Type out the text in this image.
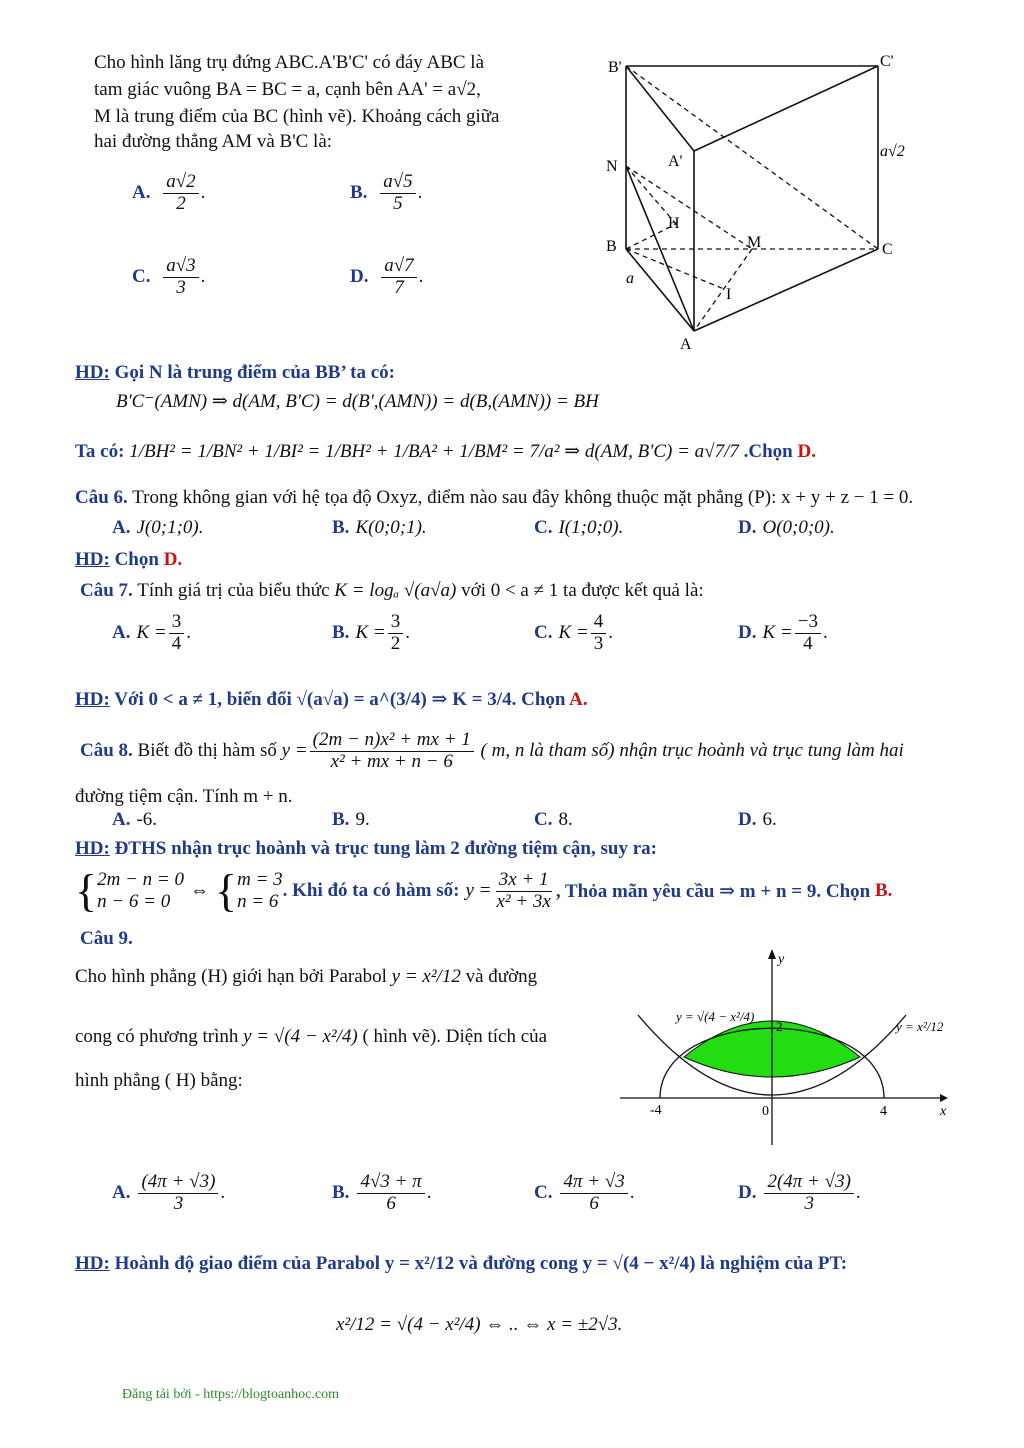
Cho hình lăng trụ đứng ABC.A'B'C' có đáy ABC là
tam giác vuông BA = BC = a, cạnh bên AA' = a√2,
M là trung điểm của BC (hình vẽ). Khoảng cách giữa
hai đường thẳng AM và B'C là:
A. $\frac{a√2}{2}$ .	B. $\frac{a√5}{5}$ .
C. $\frac{a√3}{3}$ .	D. $\frac{a√7}{7}$ .
B'	C'
A'
N
H
B	M	C
I
A
a
a√2
HD: Gọi N là trung điểm của BB’ ta có:
B'C⁻(AMN) ⇒ d(AM, B'C) = d(B',(AMN)) = d(B,(AMN)) = BH
Ta có: 1/BH² = 1/BN² + 1/BI² = 1/BH² + 1/BA² + 1/BM² = 7/a² ⇒ d(AM, B'C) = a√7/7 .Chọn D.
Câu 6. Trong không gian với hệ tọa độ Oxyz, điểm nào sau đây không thuộc mặt phẳng (P): x + y + z − 1 = 0.
A. J(0;1;0).	B. K(0;0;1).	C. I(1;0;0).	D. O(0;0;0).
HD: Chọn D.
Câu 7. Tính giá trị của biểu thức K = logₐ √(a√a) với 0 < a ≠ 1 ta được kết quả là:
A. $K = \frac{3}{4}$ .	B. $K = \frac{3}{2}$ .	C. $K = \frac{4}{3}$ .	D. $K = \frac{-3}{4}$ .
HD: Với 0 < a ≠ 1, biến đổi √(a√a) = a^(3/4) ⇒ K = 3/4. Chọn A.
Câu 8. Biết đồ thị hàm số $y = \frac{\text{(2m − n)x² + mx + 1}}{\text{x² + mx + n − 6}}$ ( m, n là tham số) nhận trục hoành và trục tung làm hai
đường tiệm cận. Tính m + n.
A. -6.	B. 9.	C. 8.	D. 6.
HD: ĐTHS nhận trục hoành và trục tung làm 2 đường tiệm cận, suy ra:
{ 2m − n = 0
n − 6 = 0
⇔ { m = 3
n = 6
. Khi đó ta có hàm số: $y = \frac{3x + 1}{\text{x² + 3x}}$ , Thỏa mãn yêu cầu ⇒ m + n = 9. Chọn
B.
Câu 9.
Cho hình phẳng (H) giới hạn bởi Parabol y = x²/12 và đường
cong có phương trình y = √(4 − x²/4) ( hình vẽ). Diện tích của
hình phẳng ( H) bằng:
y
x
-4	0	4
2
y = √(4 − x²/4)
y = x²/12
A. $\frac{(4\pi + √3)}{3}$ .	B. $\frac{4√3 + \pi}{6}$ .	C. $\frac{4\pi + √3}{6}$ .	D. $\frac{2(4\pi + √3)}{3}$ .
HD: Hoành độ giao điểm của Parabol y = x²/12 và đường cong y = √(4 − x²/4) là nghiệm của PT:
x²/12 = √(4 − x²/4) ⇔ .. ⇔ x = ±2√3.
Đăng tải bởi - https://blogtoanhoc.com
